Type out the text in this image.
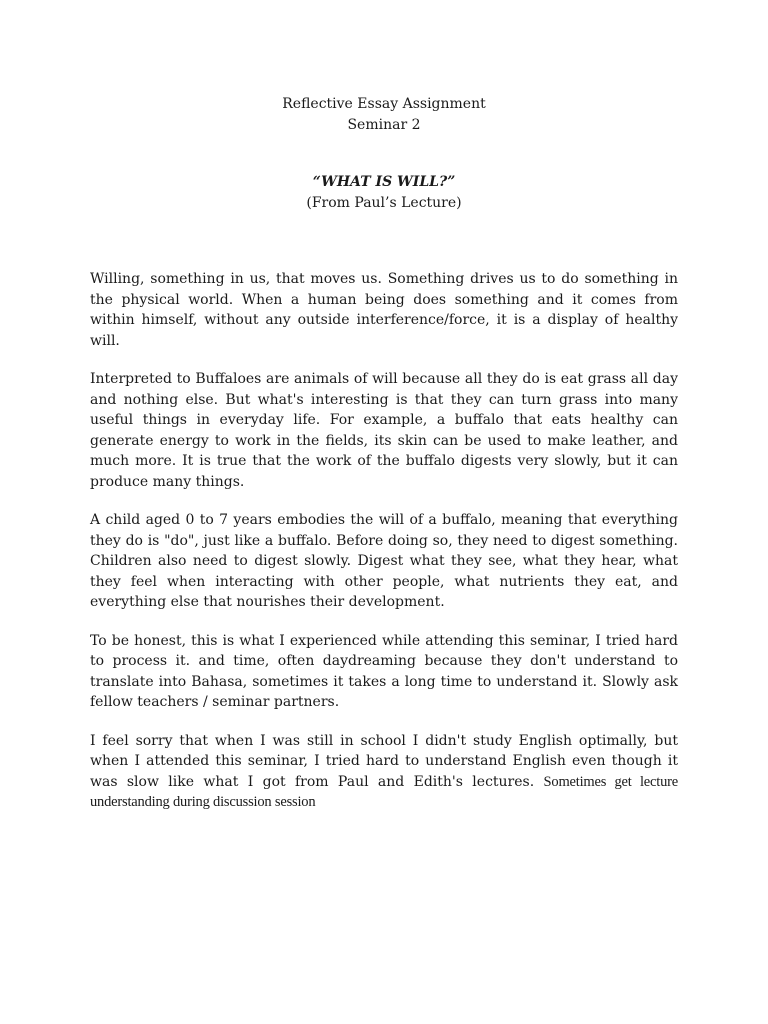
Reflective Essay Assignment
Seminar 2
“WHAT IS WILL?”
(From Paul’s Lecture)

Willing, something in us, that moves us. Something drives us to do something in the physical world. When a human being does something and it comes from within himself, without any outside interference/force, it is a display of healthy will.

Interpreted to Buffaloes are animals of will because all they do is eat grass all day and nothing else. But what's interesting is that they can turn grass into many useful things in everyday life. For example, a buffalo that eats healthy can generate energy to work in the fields, its skin can be used to make leather, and much more. It is true that the work of the buffalo digests very slowly, but it can produce many things.

A child aged 0 to 7 years embodies the will of a buffalo, meaning that everything they do is "do", just like a buffalo. Before doing so, they need to digest something. Children also need to digest slowly. Digest what they see, what they hear, what they feel when interacting with other people, what nutrients they eat, and everything else that nourishes their development.

To be honest, this is what I experienced while attending this seminar, I tried hard to process it. and time, often daydreaming because they don't understand to translate into Bahasa, sometimes it takes a long time to understand it. Slowly ask fellow teachers / seminar partners.

I feel sorry that when I was still in school I didn't study English optimally, but when I attended this seminar, I tried hard to understand English even though it was slow like what I got from Paul and Edith's lectures. Sometimes get lecture understanding during discussion session
